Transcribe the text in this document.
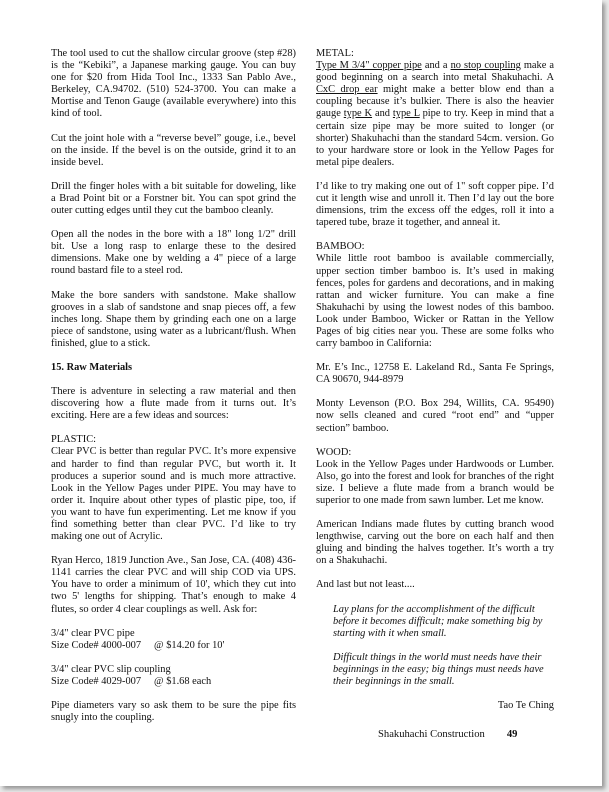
The tool used to cut the shallow circular groove (step #28) is the “Kebiki”, a Japanese marking gauge. You can buy one for $20 from Hida Tool Inc., 1333 San Pablo Ave., Berkeley, CA.94702. (510) 524-3700. You can make a Mortise and Tenon Gauge (available everywhere) into this kind of tool.

Cut the joint hole with a “reverse bevel” gouge, i.e., bevel on the inside. If the bevel is on the outside, grind it to an inside bevel.

Drill the finger holes with a bit suitable for doweling, like a Brad Point bit or a Forstner bit. You can spot grind the outer cutting edges until they cut the bamboo cleanly.

Open all the nodes in the bore with a 18" long 1/2" drill bit. Use a long rasp to enlarge these to the desired dimensions. Make one by welding a 4" piece of a large round bastard file to a steel rod.

Make the bore sanders with sandstone. Make shallow grooves in a slab of sandstone and snap pieces off, a few inches long. Shape them by grinding each one on a large piece of sandstone, using water as a lubricant/flush. When finished, glue to a stick.

15. Raw Materials

There is adventure in selecting a raw material and then discovering how a flute made from it turns out. It’s exciting. Here are a few ideas and sources:

PLASTIC:

Clear PVC is better than regular PVC. It’s more expensive and harder to find than regular PVC, but worth it. It produces a superior sound and is much more attractive. Look in the Yellow Pages under PIPE. You may have to order it. Inquire about other types of plastic pipe, too, if you want to have fun experimenting. Let me know if you find something better than clear PVC. I’d like to try making one out of Acrylic.

Ryan Herco, 1819 Junction Ave., San Jose, CA. (408) 436-1141 carries the clear PVC and will ship COD via UPS. You have to order a minimum of 10', which they cut into two 5' lengths for shipping. That’s enough to make 4 flutes, so order 4 clear couplings as well. Ask for:

3/4" clear PVC pipe
Size Code# 4000-007     @ $14.20 for 10'
3/4" clear PVC slip coupling
Size Code# 4029-007     @ $1.68 each

Pipe diameters vary so ask them to be sure the pipe fits snugly into the coupling.

METAL:

Type M 3/4" copper pipe and a no stop coupling make a good beginning on a search into metal Shakuhachi. A CxC drop ear might make a better blow end than a coupling because it’s bulkier. There is also the heavier gauge type K and type L pipe to try. Keep in mind that a certain size pipe may be more suited to longer (or shorter) Shakuhachi than the standard 54cm. version. Go to your hardware store or look in the Yellow Pages for metal pipe dealers.

I’d like to try making one out of 1" soft copper pipe. I’d cut it length wise and unroll it. Then I’d lay out the bore dimensions, trim the excess off the edges, roll it into a tapered tube, braze it together, and anneal it.

BAMBOO:

While little root bamboo is available commercially, upper section timber bamboo is. It’s used in making fences, poles for gardens and decorations, and in making rattan and wicker furniture. You can make a fine Shakuhachi by using the lowest nodes of this bamboo. Look under Bamboo, Wicker or Rattan in the Yellow Pages of big cities near you. These are some folks who carry bamboo in California:

Mr. E’s Inc., 12758 E. Lakeland Rd., Santa Fe Springs, CA 90670, 944-8979

Monty Levenson (P.O. Box 294, Willits, CA. 95490) now sells cleaned and cured “root end” and “upper section” bamboo.

WOOD:

Look in the Yellow Pages under Hardwoods or Lumber. Also, go into the forest and look for branches of the right size. I believe a flute made from a branch would be superior to one made from sawn lumber. Let me know.

American Indians made flutes by cutting branch wood lengthwise, carving out the bore on each half and then gluing and binding the halves together. It’s worth a try on a Shakuhachi.

And last but not least....

Lay plans for the accomplishment of the difficult before it becomes difficult; make something big by starting with it when small.

Difficult things in the world must needs have their beginnings in the easy; big things must needs have their beginnings in the small.

Tao Te Ching

Shakuhachi Construction 49
